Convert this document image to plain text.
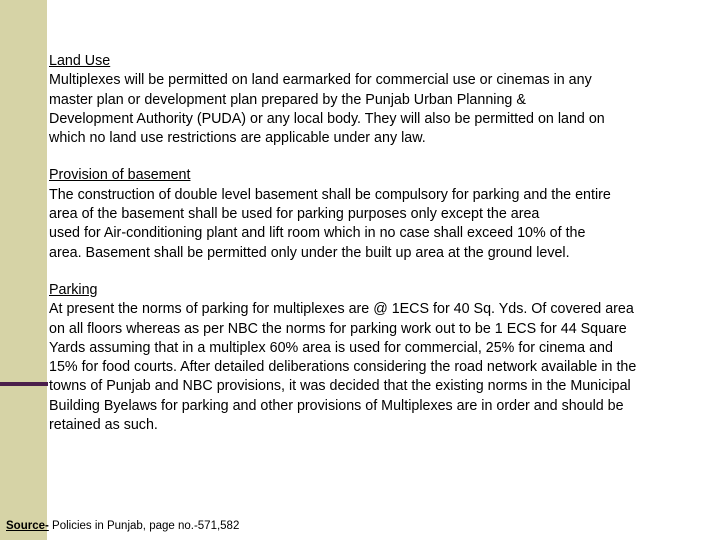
Land Use
Multiplexes will be permitted on land earmarked for commercial use or cinemas in any
master plan or development plan prepared by the Punjab Urban Planning &
Development Authority (PUDA) or any local body. They will also be permitted on land on
which no land use restrictions are applicable under any law.
Provision of basement
The construction of double level basement shall be compulsory for parking and the entire
area of the basement shall be used for parking purposes only except the area
used for Air-conditioning plant and lift room which in no case shall exceed 10% of the
area. Basement shall be permitted only under the built up area at the ground level.
Parking
At present the norms of parking for multiplexes are @ 1ECS for 40 Sq. Yds. Of covered area
on all floors whereas as per NBC the norms for parking work out to be 1 ECS for 44 Square
Yards assuming that in a multiplex 60% area is used for commercial, 25% for cinema and
15% for food courts. After detailed deliberations considering the road network available in the
towns of Punjab and NBC provisions, it was decided that the existing norms in the Municipal
Building Byelaws for parking and other provisions of Multiplexes are in order and should be
retained as such.
Source- Policies in Punjab, page no.-571,582
